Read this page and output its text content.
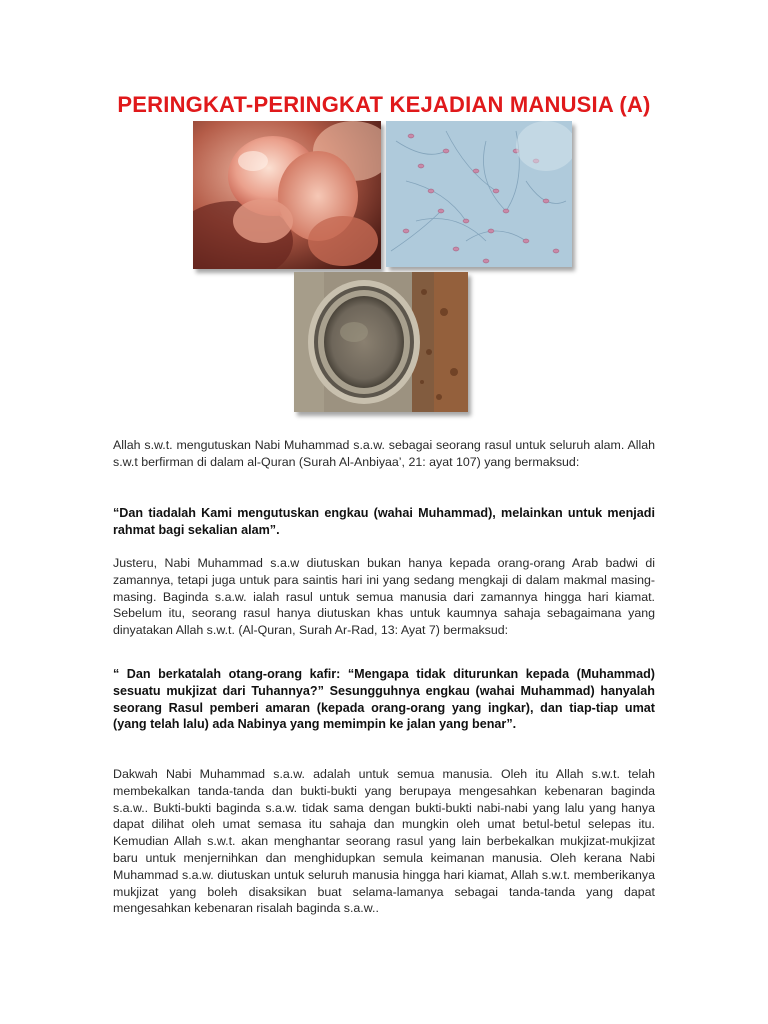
PERINGKAT-PERINGKAT KEJADIAN MANUSIA (A)

Allah s.w.t. mengutuskan Nabi Muhammad s.a.w. sebagai seorang rasul untuk seluruh alam. Allah s.w.t berfirman di dalam al-Quran (Surah Al-Anbiyaa’, 21: ayat 107) yang bermaksud:

“Dan tiadalah Kami mengutuskan engkau (wahai Muhammad), melainkan untuk menjadi rahmat bagi sekalian alam”.

Justeru, Nabi Muhammad s.a.w diutuskan bukan hanya kepada orang-orang Arab badwi di zamannya, tetapi juga untuk para saintis hari ini yang sedang mengkaji di dalam makmal masing-masing. Baginda s.a.w. ialah rasul untuk semua manusia dari zamannya hingga hari kiamat. Sebelum itu, seorang rasul hanya diutuskan khas untuk kaumnya sahaja sebagaimana yang dinyatakan Allah s.w.t. (Al-Quran, Surah Ar-Rad, 13: Ayat 7) bermaksud:

“ Dan berkatalah otang-orang kafir: “Mengapa tidak diturunkan kepada (Muhammad) sesuatu mukjizat dari Tuhannya?” Sesungguhnya engkau (wahai Muhammad) hanyalah seorang Rasul pemberi amaran (kepada orang-orang yang ingkar), dan tiap-tiap umat (yang telah lalu) ada Nabinya yang memimpin ke jalan yang benar”.

Dakwah Nabi Muhammad s.a.w. adalah untuk semua manusia. Oleh itu Allah s.w.t. telah membekalkan tanda-tanda dan bukti-bukti yang berupaya mengesahkan kebenaran baginda s.a.w.. Bukti-bukti baginda s.a.w. tidak sama dengan bukti-bukti nabi-nabi yang lalu yang hanya dapat dilihat oleh umat semasa itu sahaja dan mungkin oleh umat betul-betul selepas itu. Kemudian Allah s.w.t. akan menghantar seorang rasul yang lain berbekalkan mukjizat-mukjizat baru untuk menjernihkan dan menghidupkan semula keimanan manusia. Oleh kerana Nabi Muhammad s.a.w. diutuskan untuk seluruh manusia hingga hari kiamat, Allah s.w.t. memberikanya mukjizat yang boleh disaksikan buat selama-lamanya sebagai tanda-tanda yang dapat mengesahkan kebenaran risalah baginda s.a.w..
